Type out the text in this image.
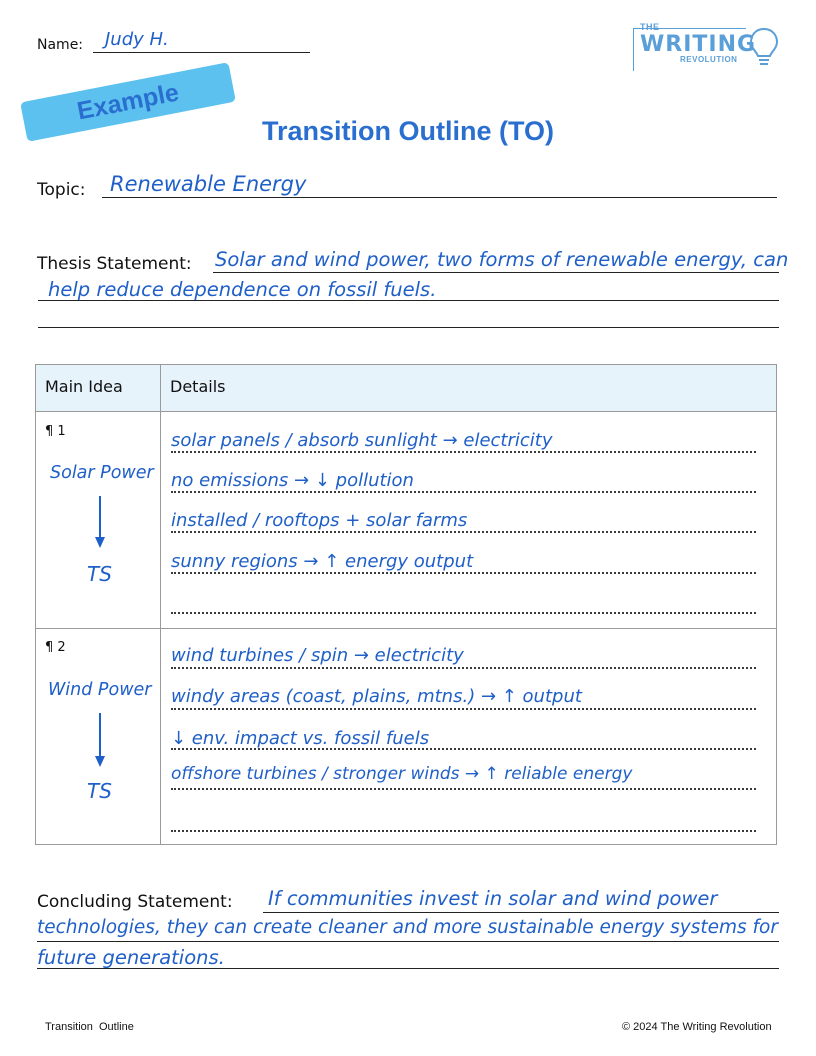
Name: Judy H.
THE
WRITING
REVOLUTION
Example
Transition Outline (TO)
Topic: Renewable Energy
Thesis Statement: Solar and wind power, two forms of renewable energy, can
help reduce dependence on fossil fuels.
Main Idea	Details
¶ 1
Solar Power
TS
solar panels / absorb sunlight → electricity
no emissions → ↓ pollution
installed / rooftops + solar farms
sunny regions → ↑ energy output
¶ 2
Wind Power
TS
wind turbines / spin → electricity
windy areas (coast, plains, mtns.) → ↑ output
↓ env. impact vs. fossil fuels
offshore turbines / stronger winds → ↑ reliable energy
Concluding Statement: If communities invest in solar and wind power
technologies, they can create cleaner and more sustainable energy systems for
future generations.
Transition  Outline	© 2024 The Writing Revolution
